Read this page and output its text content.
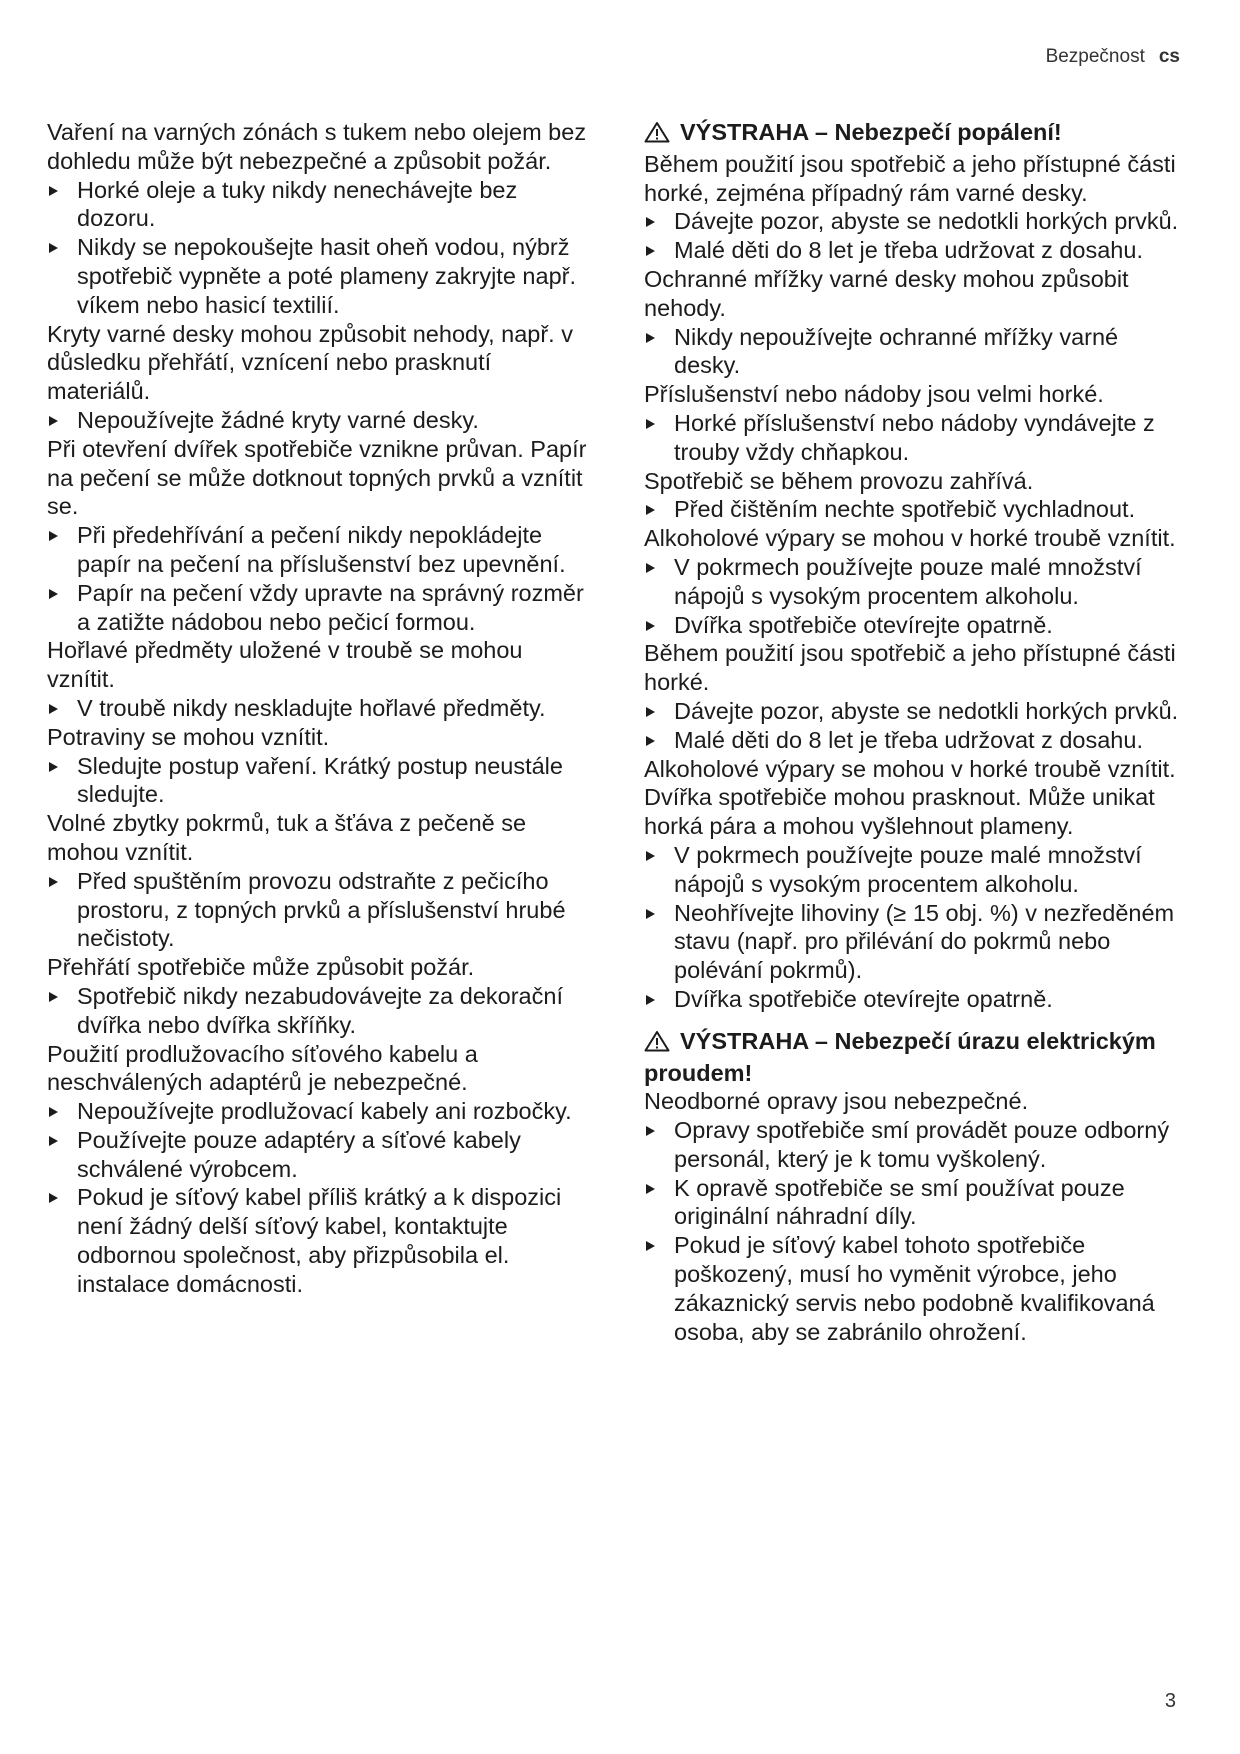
Bezpečnost cs

Vaření na varných zónách s tukem nebo olejem bez dohledu může být nebezpečné a způsobit požár.

Horké oleje a tuky nikdy nenechávejte bez dozoru.

Nikdy se nepokoušejte hasit oheň vodou, nýbrž spotřebič vypněte a poté plameny zakryjte např. víkem nebo hasicí textilií.

Kryty varné desky mohou způsobit nehody, např. v důsledku přehřátí, vznícení nebo prasknutí materiálů.

Nepoužívejte žádné kryty varné desky.

Při otevření dvířek spotřebiče vznikne průvan. Papír na pečení se může dotknout topných prvků a vznítit se.

Při předehřívání a pečení nikdy nepokládejte papír na pečení na příslušenství bez upevnění.

Papír na pečení vždy upravte na správný rozměr a zatižte nádobou nebo pečicí formou.

Hořlavé předměty uložené v troubě se mohou vznítit.

V troubě nikdy neskladujte hořlavé předměty.

Potraviny se mohou vznítit.

Sledujte postup vaření. Krátký postup neustále sledujte.

Volné zbytky pokrmů, tuk a šťáva z pečeně se mohou vznítit.

Před spuštěním provozu odstraňte z pečicího prostoru, z topných prvků a příslušenství hrubé nečistoty.

Přehřátí spotřebiče může způsobit požár.

Spotřebič nikdy nezabudovávejte za dekorační dvířka nebo dvířka skříňky.

Použití prodlužovacího síťového kabelu a neschválených adaptérů je nebezpečné.

Nepoužívejte prodlužovací kabely ani rozbočky.

Používejte pouze adaptéry a síťové kabely schválené výrobcem.

Pokud je síťový kabel příliš krátký a k dispozici není žádný delší síťový kabel, kontaktujte odbornou společnost, aby přizpůsobila el. instalace domácnosti.

VÝSTRAHA – Nebezpečí popálení!

Během použití jsou spotřebič a jeho přístupné části horké, zejména případný rám varné desky.

Dávejte pozor, abyste se nedotkli horkých prvků.

Malé děti do 8 let je třeba udržovat z dosahu.

Ochranné mřížky varné desky mohou způsobit nehody.

Nikdy nepoužívejte ochranné mřížky varné desky.

Příslušenství nebo nádoby jsou velmi horké.

Horké příslušenství nebo nádoby vyndávejte z trouby vždy chňapkou.

Spotřebič se během provozu zahřívá.

Před čištěním nechte spotřebič vychladnout.

Alkoholové výpary se mohou v horké troubě vznítit.

V pokrmech používejte pouze malé množství nápojů s vysokým procentem alkoholu.

Dvířka spotřebiče otevírejte opatrně.

Během použití jsou spotřebič a jeho přístupné části horké.

Dávejte pozor, abyste se nedotkli horkých prvků.

Malé děti do 8 let je třeba udržovat z dosahu.

Alkoholové výpary se mohou v horké troubě vznítit. Dvířka spotřebiče mohou prasknout. Může unikat horká pára a mohou vyšlehnout plameny.

V pokrmech používejte pouze malé množství nápojů s vysokým procentem alkoholu.

Neohřívejte lihoviny (≥ 15 obj. %) v nezředěném stavu (např. pro přilévání do pokrmů nebo polévání pokrmů).

Dvířka spotřebiče otevírejte opatrně.

VÝSTRAHA – Nebezpečí úrazu elektrickým proudem!

Neodborné opravy jsou nebezpečné.

Opravy spotřebiče smí provádět pouze odborný personál, který je k tomu vyškolený.

K opravě spotřebiče se smí používat pouze originální náhradní díly.

Pokud je síťový kabel tohoto spotřebiče poškozený, musí ho vyměnit výrobce, jeho zákaznický servis nebo podobně kvalifikovaná osoba, aby se zabránilo ohrožení.

3
